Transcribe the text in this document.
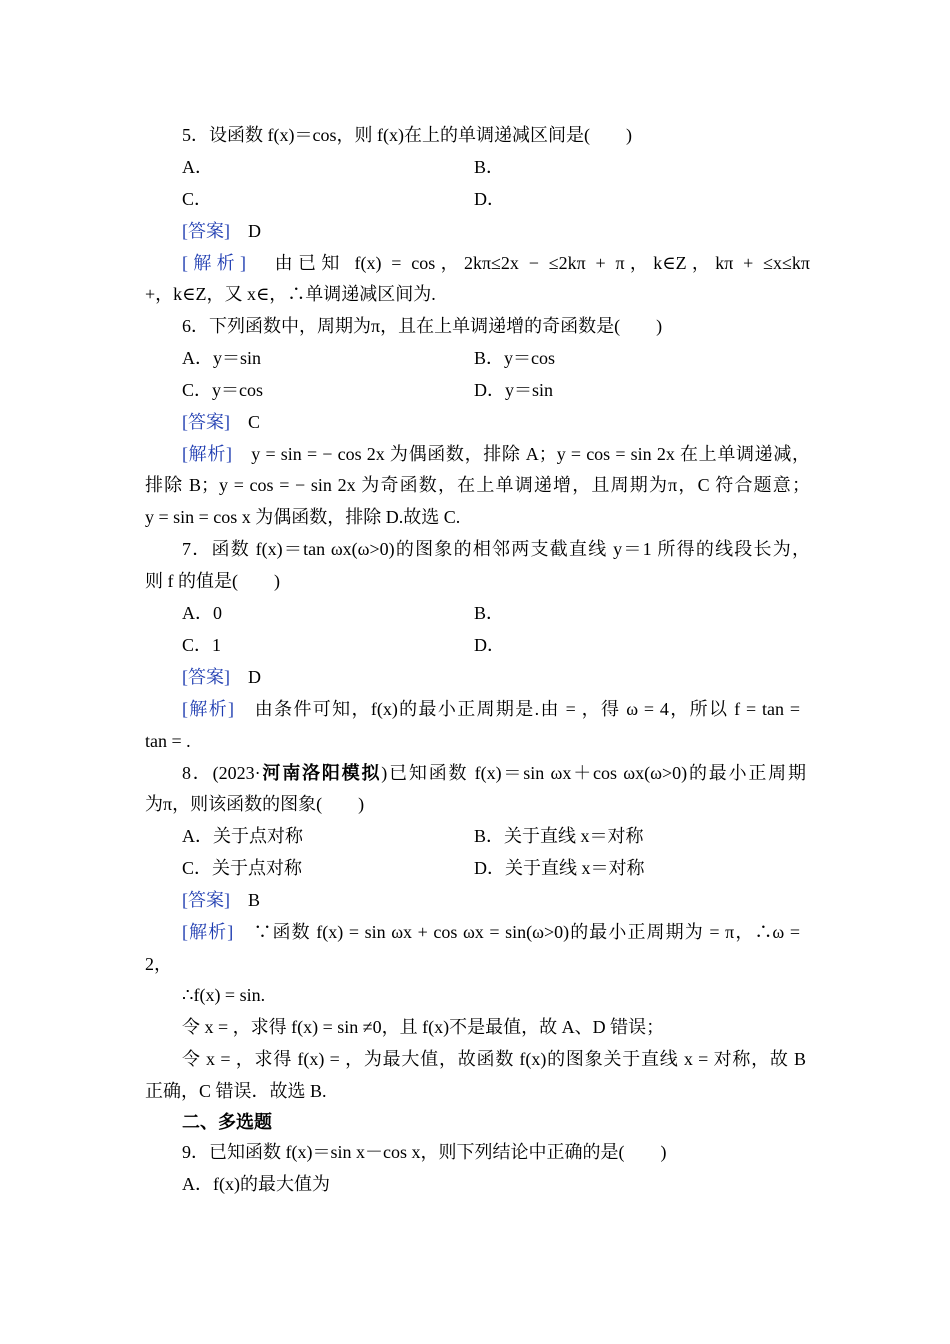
5．设函数 f(x)＝cos，则 f(x)在上的单调递减区间是(　　)
A．	B．
C．	D．
[答案]　D
[解析]　由已知 f(x) = cos，2kπ≤2x − ≤2kπ + π，k∈Z，kπ + ≤x≤kπ
+，k∈Z，又 x∈，∴单调递减区间为.
6．下列函数中，周期为π，且在上单调递增的奇函数是(　　)
A．y＝sin	B．y＝cos
C．y＝cos	D．y＝sin
[答案]　C
[解析]　y = sin = − cos 2x 为偶函数，排除 A；y = cos = sin 2x 在上单调递减，
排除 B；y = cos = − sin 2x 为奇函数，在上单调递增，且周期为π，C 符合题意；
y = sin = cos x 为偶函数，排除 D.故选 C.
7．函数 f(x)＝tan ωx(ω>0)的图象的相邻两支截直线 y＝1 所得的线段长为，
则 f 的值是(　　)
A．0	B．
C．1	D．
[答案]　D
[解析]　由条件可知，f(x)的最小正周期是.由 = ，得 ω = 4，所以 f = tan =
tan = .
8．(2023·河南洛阳模拟)已知函数 f(x)＝sin ωx＋cos ωx(ω>0)的最小正周期
为π，则该函数的图象(　　)
A．关于点对称	B．关于直线 x＝对称
C．关于点对称	D．关于直线 x＝对称
[答案]　B
[解析]　∵函数 f(x) = sin ωx + cos ωx = sin(ω>0)的最小正周期为 = π，∴ω =
2，
∴f(x) = sin.
令 x = ，求得 f(x) = sin ≠0，且 f(x)不是最值，故 A、D 错误；
令 x = ，求得 f(x) = ，为最大值，故函数 f(x)的图象关于直线 x = 对称，故 B
正确，C 错误．故选 B.
二、多选题
9．已知函数 f(x)＝sin x－cos x，则下列结论中正确的是(　　)
A．f(x)的最大值为
